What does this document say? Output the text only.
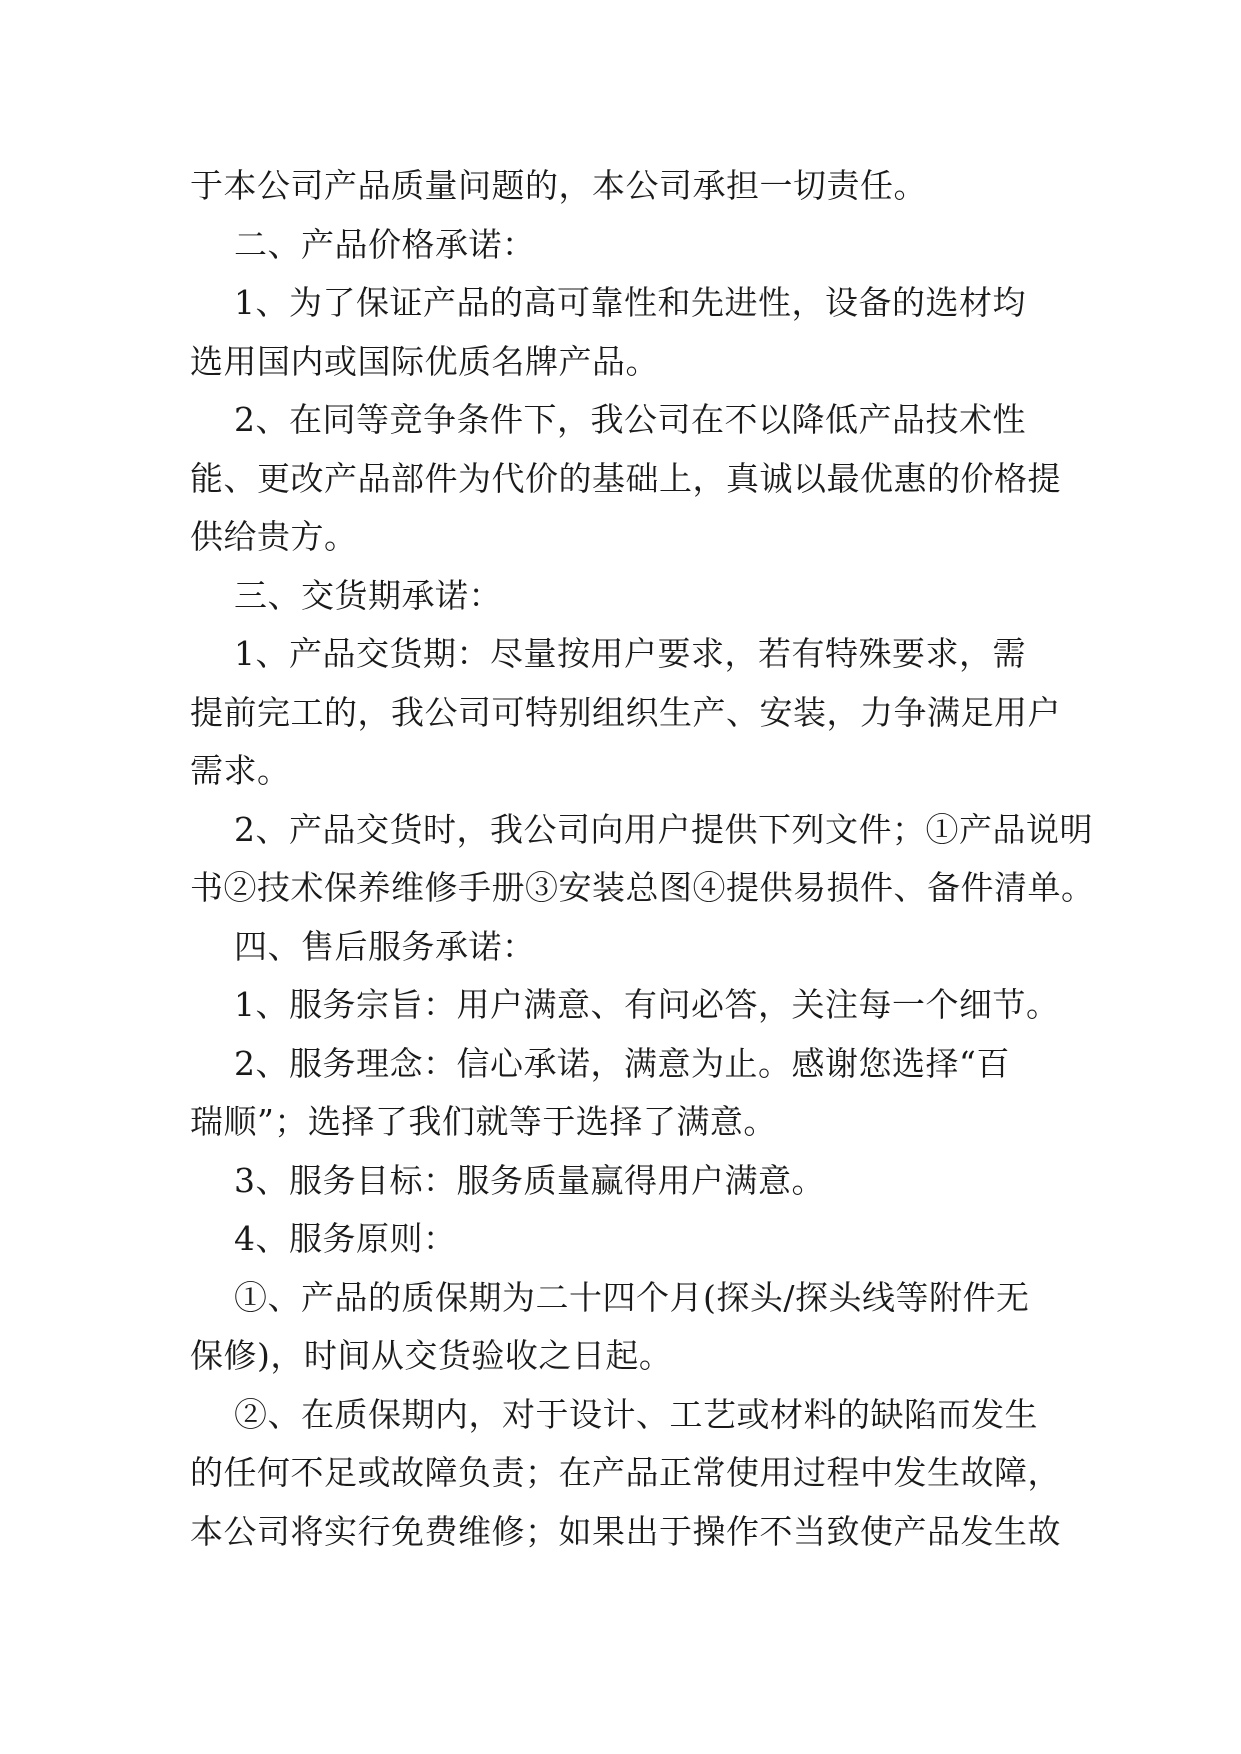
于本公司产品质量问题的，本公司承担一切责任。

二、产品价格承诺：

1、为了保证产品的高可靠性和先进性，设备的选材均

选用国内或国际优质名牌产品。

2、在同等竞争条件下，我公司在不以降低产品技术性

能、更改产品部件为代价的基础上，真诚以最优惠的价格提

供给贵方。

三、交货期承诺：

1、产品交货期：尽量按用户要求，若有特殊要求，需

提前完工的，我公司可特别组织生产、安装，力争满足用户

需求。

2、产品交货时，我公司向用户提供下列文件；①产品说明

书②技术保养维修手册③安装总图④提供易损件、备件清单。

四、售后服务承诺：

1、服务宗旨：用户满意、有问必答，关注每一个细节。

2、服务理念：信心承诺，满意为止。感谢您选择“百

瑞顺”；选择了我们就等于选择了满意。

3、服务目标：服务质量赢得用户满意。

4、服务原则：

①、产品的质保期为二十四个月(探头/探头线等附件无

保修)，时间从交货验收之日起。

②、在质保期内，对于设计、工艺或材料的缺陷而发生

的任何不足或故障负责；在产品正常使用过程中发生故障，

本公司将实行免费维修；如果出于操作不当致使产品发生故
